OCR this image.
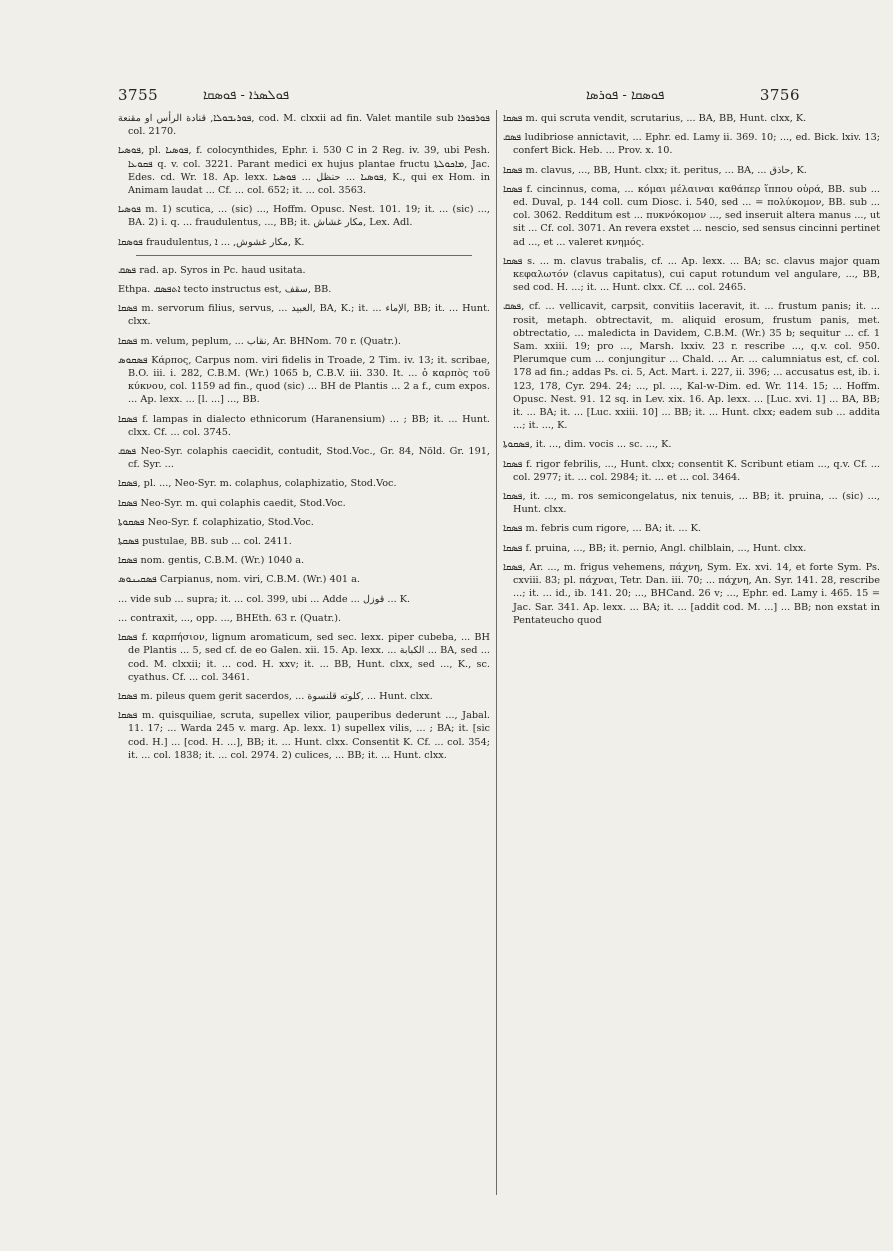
3755	ܦܘܠܣܪܐ - ܦܘܣܩܐ	ܦܘܣܩܐ - ܦܘܪܣܐ	3756

ܦܘܪܝܒܘܠܐ, قنادة الرأس او مقنعة, cod. M. clxxii ad fin. Valet mantile sub ܦܘܪܦܘܪܐ col. 2170.

ܦܘܣܝܐ, pl. ܦܘܣܝܐ, f. colocynthides, Ephr. i. 530 C in 2 Reg. iv. 39, ubi Pesh. ܦܩܘܥܐ q. v. col. 3221. Parant medici ex hujus plantae fructu ܡܐܟܘܠܬܐ, Jac. Edes. cd. Wr. 18. Ap. lexx. ܦܘܣܝܐ ... حنظل ... ܦܘܣܝܐ, K., qui ex Hom. in Animam laudat ... Cf. ... col. 652; it. ... col. 3563.

ܦܘܣܝܐ m. 1) scutica, ... (sic) ..., Hoffm. Opusc. Nest. 101. 19; it. ... (sic) ..., BA. 2) i. q. ... fraudulentus, ..., BB; it. مكار غشاش, Lex. Adl.

ܦܘܣܩܐ fraudulentus, مكار غشوش, ... ܐ, K.

ܦܣܩ rad. ap. Syros in Pc. haud usitata.

Ethpa. ܐܬܦܣܩ tecto instructus est, سقف, BB.

ܦܣܩܐ m. servorum filius, servus, ... العبيد, BA, K.; it. ... الإماء, BB; it. ... Hunt. clxx.

ܦܣܩܐ m. velum, peplum, ... نقاب, Ar. BHNom. 70 r. (Quatr.).

ܦܣܩܘܣ Κάρπος, Carpus nom. viri fidelis in Troade, 2 Tim. iv. 13; it. scribae, B.O. iii. i. 282, C.B.M. (Wr.) 1065 b, C.B.V. iii. 330. It. ... ὁ καρπὸς τοῦ κύκνου, col. 1159 ad fin., quod (sic) ... BH de Plantis ... 2 a f., cum expos. ... Ap. lexx. ... [l. ...] ..., BB.

ܦܣܩܐ f. lampas in dialecto ethnicorum (Haranensium) ... ; BB; it. ... Hunt. clxx. Cf. ... col. 3745.

ܦܣܩ Neo-Syr. colaphis caecidit, contudit, Stod.Voc., Gr. 84, Nöld. Gr. 191, cf. Syr. ...

ܦܣܩܐ, pl. ..., Neo-Syr. m. colaphus, colaphizatio, Stod.Voc.

ܦܣܩܐ Neo-Syr. m. qui colaphis caedit, Stod.Voc.

ܦܣܩܘܬܐ Neo-Syr. f. colaphizatio, Stod.Voc.

ܦܣܩܬܐ pustulae, BB. sub ... col. 2411.

ܦܣܩܐ nom. gentis, C.B.M. (Wr.) 1040 a.

ܦܣܩܝܢܘܣ Carpianus, nom. viri, C.B.M. (Wr.) 401 a.

... vide sub ... supra; it. ... col. 399, ubi ... Adde ... قوزل ... K.

... contraxit, ..., opp. ..., BHEth. 63 r. (Quatr.).

ܦܣܩܐ f. καρπήσιον, lignum aromaticum, sed sec. lexx. piper cubeba, ... BH de Plantis ... 5, sed cf. de eo Galen. xii. 15. Ap. lexx. ... الكبابة ... BA, sed ... cod. M. clxxii; it. ... cod. H. xxv; it. ... BB, Hunt. clxx, sed ..., K., sc. cyathus. Cf. ... col. 3461.

ܦܣܩܐ m. pileus quem gerit sacerdos, ... كلوته قلنسوة, ... Hunt. clxx.

ܦܣܩܐ m. quisquiliae, scruta, supellex vilior, pauperibus dederunt ..., Jabal. 11. 17; ... Warda 245 v. marg. Ap. lexx. 1) supellex vilis, ... ; BA; it. [sic cod. H.] ... [cod. H. ...], BB; it. ... Hunt. clxx. Consentit K. Cf. ... col. 354; it. ... col. 1838; it. ... col. 2974. 2) culices, ... BB; it. ... Hunt. clxx.

ܦܣܩܐ m. qui scruta vendit, scrutarius, ... BA, BB, Hunt. clxx, K.

ܦܣܩ ludibriose annictavit, ... Ephr. ed. Lamy ii. 369. 10; ..., ed. Bick. lxiv. 13; confert Bick. Heb. ... Prov. x. 10.

ܦܣܩܐ m. clavus, ..., BB, Hunt. clxx; it. peritus, ... BA, ... حاذق, K.

ܦܣܩܐ f. cincinnus, coma, ... κόμαι μέλαιναι καθάπερ ἵππου οὐρά, BB. sub ... ed. Duval, p. 144 coll. cum Diosc. i. 540, sed ... = πολύκομον, BB. sub ... col. 3062. Redditum est ... πυκνόκομον ..., sed inseruit altera manus ..., ut sit ... Cf. col. 3071. An revera exstet ... nescio, sed sensus cincinni pertinet ad ..., et ... valeret κνημός.

ܦܣܩܐ s. ... m. clavus trabalis, cf. ... Ap. lexx. ... BA; sc. clavus major quam κεφαλωτόν (clavus capitatus), cui caput rotundum vel angulare, ..., BB, sed cod. H. ...; it. ... Hunt. clxx. Cf. ... col. 2465.

ܦܣܩ, cf. ... vellicavit, carpsit, convitiis laceravit, it. ... frustum panis; it. ... rosit, metaph. obtrectavit, m. aliquid erosum, frustum panis, met. obtrectatio, ... maledicta in Davidem, C.B.M. (Wr.) 35 b; sequitur ... cf. 1 Sam. xxiii. 19; pro ..., Marsh. lxxiv. 23 r. rescribe ..., q.v. col. 950. Plerumque cum ... conjungitur ... Chald. ... Ar. ... calumniatus est, cf. col. 178 ad fin.; addas Ps. ci. 5, Act. Mart. i. 227, ii. 396; ... accusatus est, ib. i. 123, 178, Cyr. 294. 24; ..., pl. ..., Kal-w-Dim. ed. Wr. 114. 15; ... Hoffm. Opusc. Nest. 91. 12 sq. in Lev. xix. 16. Ap. lexx. ... [Luc. xvi. 1] ... BA, BB; it. ... BA; it. ... [Luc. xxiii. 10] ... BB; it. ... Hunt. clxx; eadem sub ... addita ...; it. ..., K.

ܦܣܩܘܬܐ, it. ..., dim. vocis ... sc. ..., K.

ܦܣܩܐ f. rigor febrilis, ..., Hunt. clxx; consentit K. Scribunt etiam ..., q.v. Cf. ... col. 2977; it. ... col. 2984; it. ... et ... col. 3464.

ܦܣܩܐ, it. ..., m. ros semicongelatus, nix tenuis, ... BB; it. pruina, ... (sic) ..., Hunt. clxx.

ܦܣܩܐ m. febris cum rigore, ... BA; it. ... K.

ܦܣܩܐ f. pruina, ..., BB; it. pernio, Angl. chilblain, ..., Hunt. clxx.

ܦܣܩܐ, Ar. ..., m. frigus vehemens, πάχνη, Sym. Ex. xvi. 14, et forte Sym. Ps. cxviii. 83; pl. πάχναι, Tetr. Dan. iii. 70; ... πάχνη, An. Syr. 141. 28, rescribe ...; it. ... id., ib. 141. 20; ..., BHCand. 26 v; ..., Ephr. ed. Lamy i. 465. 15 = Jac. Sar. 341. Ap. lexx. ... BA; it. ... [addit cod. M. ...] ... BB; non exstat in Pentateucho quod
